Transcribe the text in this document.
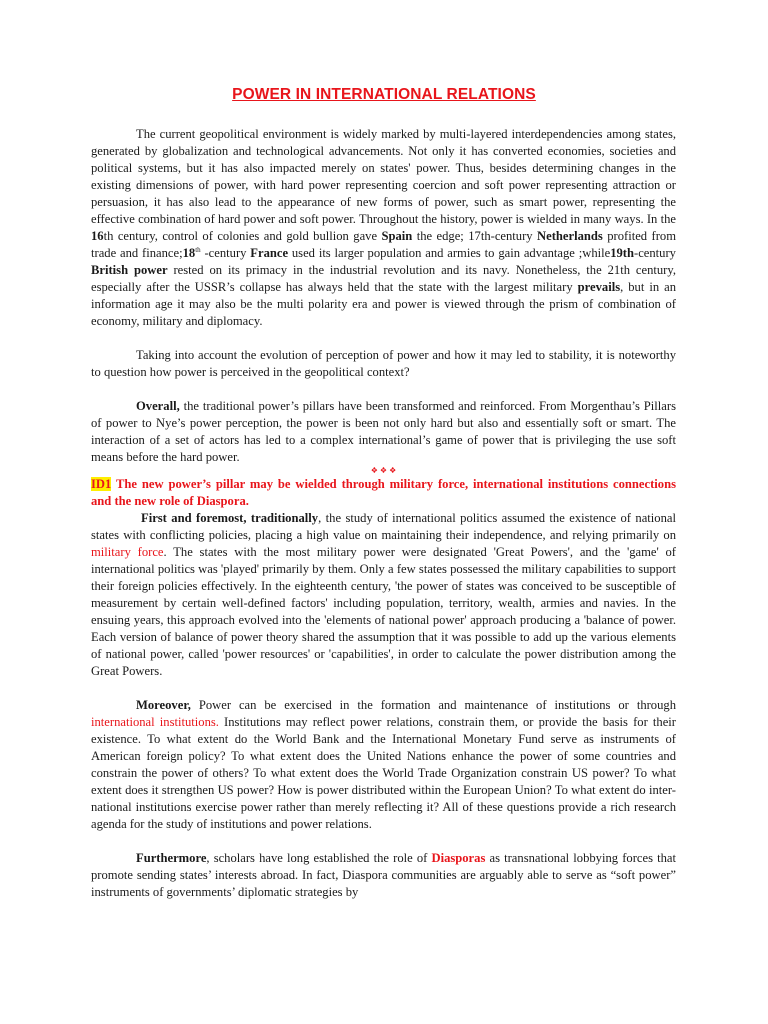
POWER IN INTERNATIONAL RELATIONS

The current geopolitical environment is widely marked by multi-layered interdependencies among states, generated by globalization and technological advancements. Not only it has converted economies, societies and political systems, but it has also impacted merely on states' power. Thus, besides determining changes in the existing dimensions of power, with hard power representing coercion and soft power representing attraction or persuasion, it has also lead to the appearance of new forms of power, such as smart power, representing the effective combination of hard power and soft power. Throughout the history, power is wielded in many ways. In the 16th century, control of colonies and gold bullion gave Spain the edge; 17th-century Netherlands profited from trade and finance;18th -century France used its larger population and armies to gain advantage ;while19th-century British power rested on its primacy in the industrial revolution and its navy. Nonetheless, the 21th century, especially after the USSR’s collapse has always held that the state with the largest military prevails, but in an information age it may also be the multi polarity era and power is viewed through the prism of combination of economy, military and diplomacy.

Taking into account the evolution of perception of power and how it may led to stability, it is noteworthy to question how power is perceived in the geopolitical context?

Overall, the traditional power’s pillars have been transformed and reinforced. From Morgenthau’s Pillars of power to Nye’s power perception, the power is been not only hard but also and essentially soft or smart. The interaction of a set of actors has led to a complex international’s game of power that is privileging the use soft means before the hard power.

❖ ❖ ❖

ID1 The new power’s pillar may be wielded through military force, international institutions connections and the new role of Diaspora.

First and foremost, traditionally, the study of international politics assumed the existence of national states with conflicting policies, placing a high value on maintaining their independence, and relying primarily on military force. The states with the most military power were designated 'Great Powers', and the 'game' of international politics was 'played' primarily by them. Only a few states possessed the military capabilities to support their foreign policies effectively. In the eighteenth century, 'the power of states was conceived to be susceptible of measurement by certain well-defined factors' including population, territory, wealth, armies and navies. In the ensuing years, this approach evolved into the 'elements of national power' approach producing a 'balance of power. Each version of balance of power theory shared the assumption that it was possible to add up the various elements of national power, called 'power resources' or 'capabilities', in order to calculate the power distribution among the Great Powers.

Moreover, Power can be exercised in the formation and maintenance of institutions or through international institutions. Institutions may reflect power relations, constrain them, or provide the basis for their existence. To what extent do the World Bank and the International Monetary Fund serve as instruments of American foreign policy? To what extent does the United Nations enhance the power of some countries and constrain the power of others? To what extent does the World Trade Organization constrain US power? To what extent does it strengthen US power? How is power distributed within the European Union? To what extent do inter-national institutions exercise power rather than merely reflecting it? All of these questions provide a rich research agenda for the study of institutions and power relations.

Furthermore, scholars have long established the role of Diasporas as transnational lobbying forces that promote sending states’ interests abroad. In fact, Diaspora communities are arguably able to serve as “soft power” instruments of governments’ diplomatic strategies by
